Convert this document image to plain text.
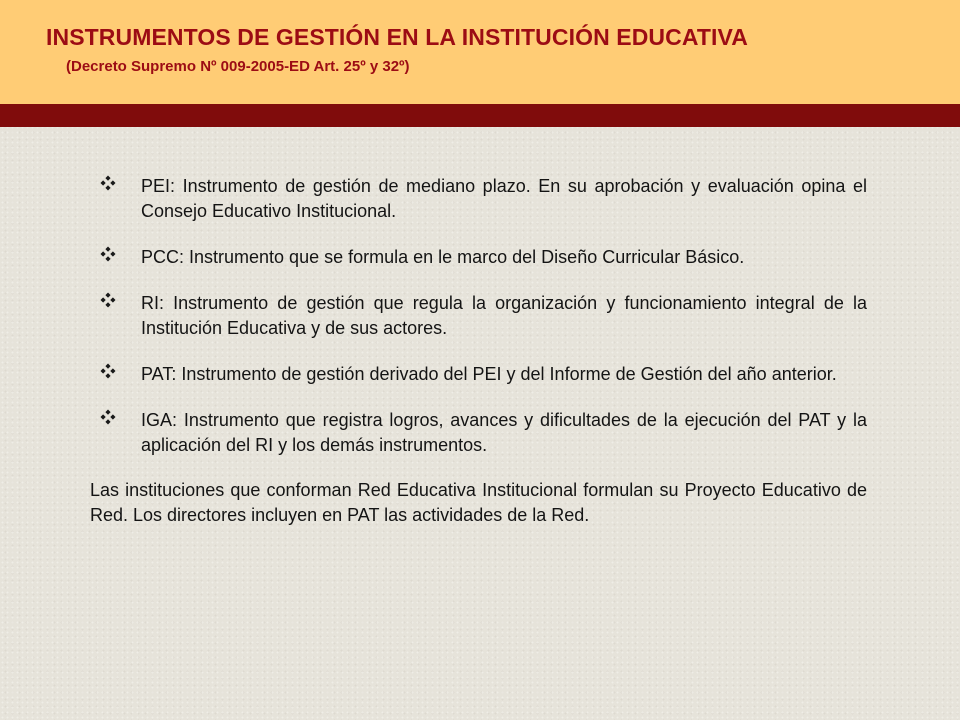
INSTRUMENTOS DE GESTIÓN EN LA INSTITUCIÓN EDUCATIVA

(Decreto Supremo Nº 009-2005-ED Art. 25º y 32º)

PEI: Instrumento de gestión de mediano plazo. En su aprobación y evaluación opina el Consejo Educativo Institucional.
PCC: Instrumento que se formula en le marco del Diseño Curricular Básico.
RI: Instrumento de gestión que regula la organización y funcionamiento integral de la Institución Educativa y de sus actores.
PAT: Instrumento de gestión derivado del PEI y del Informe de Gestión del año anterior.
IGA: Instrumento que registra logros, avances y dificultades de la ejecución del PAT y la aplicación del RI y los demás instrumentos.

Las instituciones que conforman Red Educativa Institucional formulan su Proyecto Educativo de Red. Los directores incluyen en PAT las actividades de la Red.
